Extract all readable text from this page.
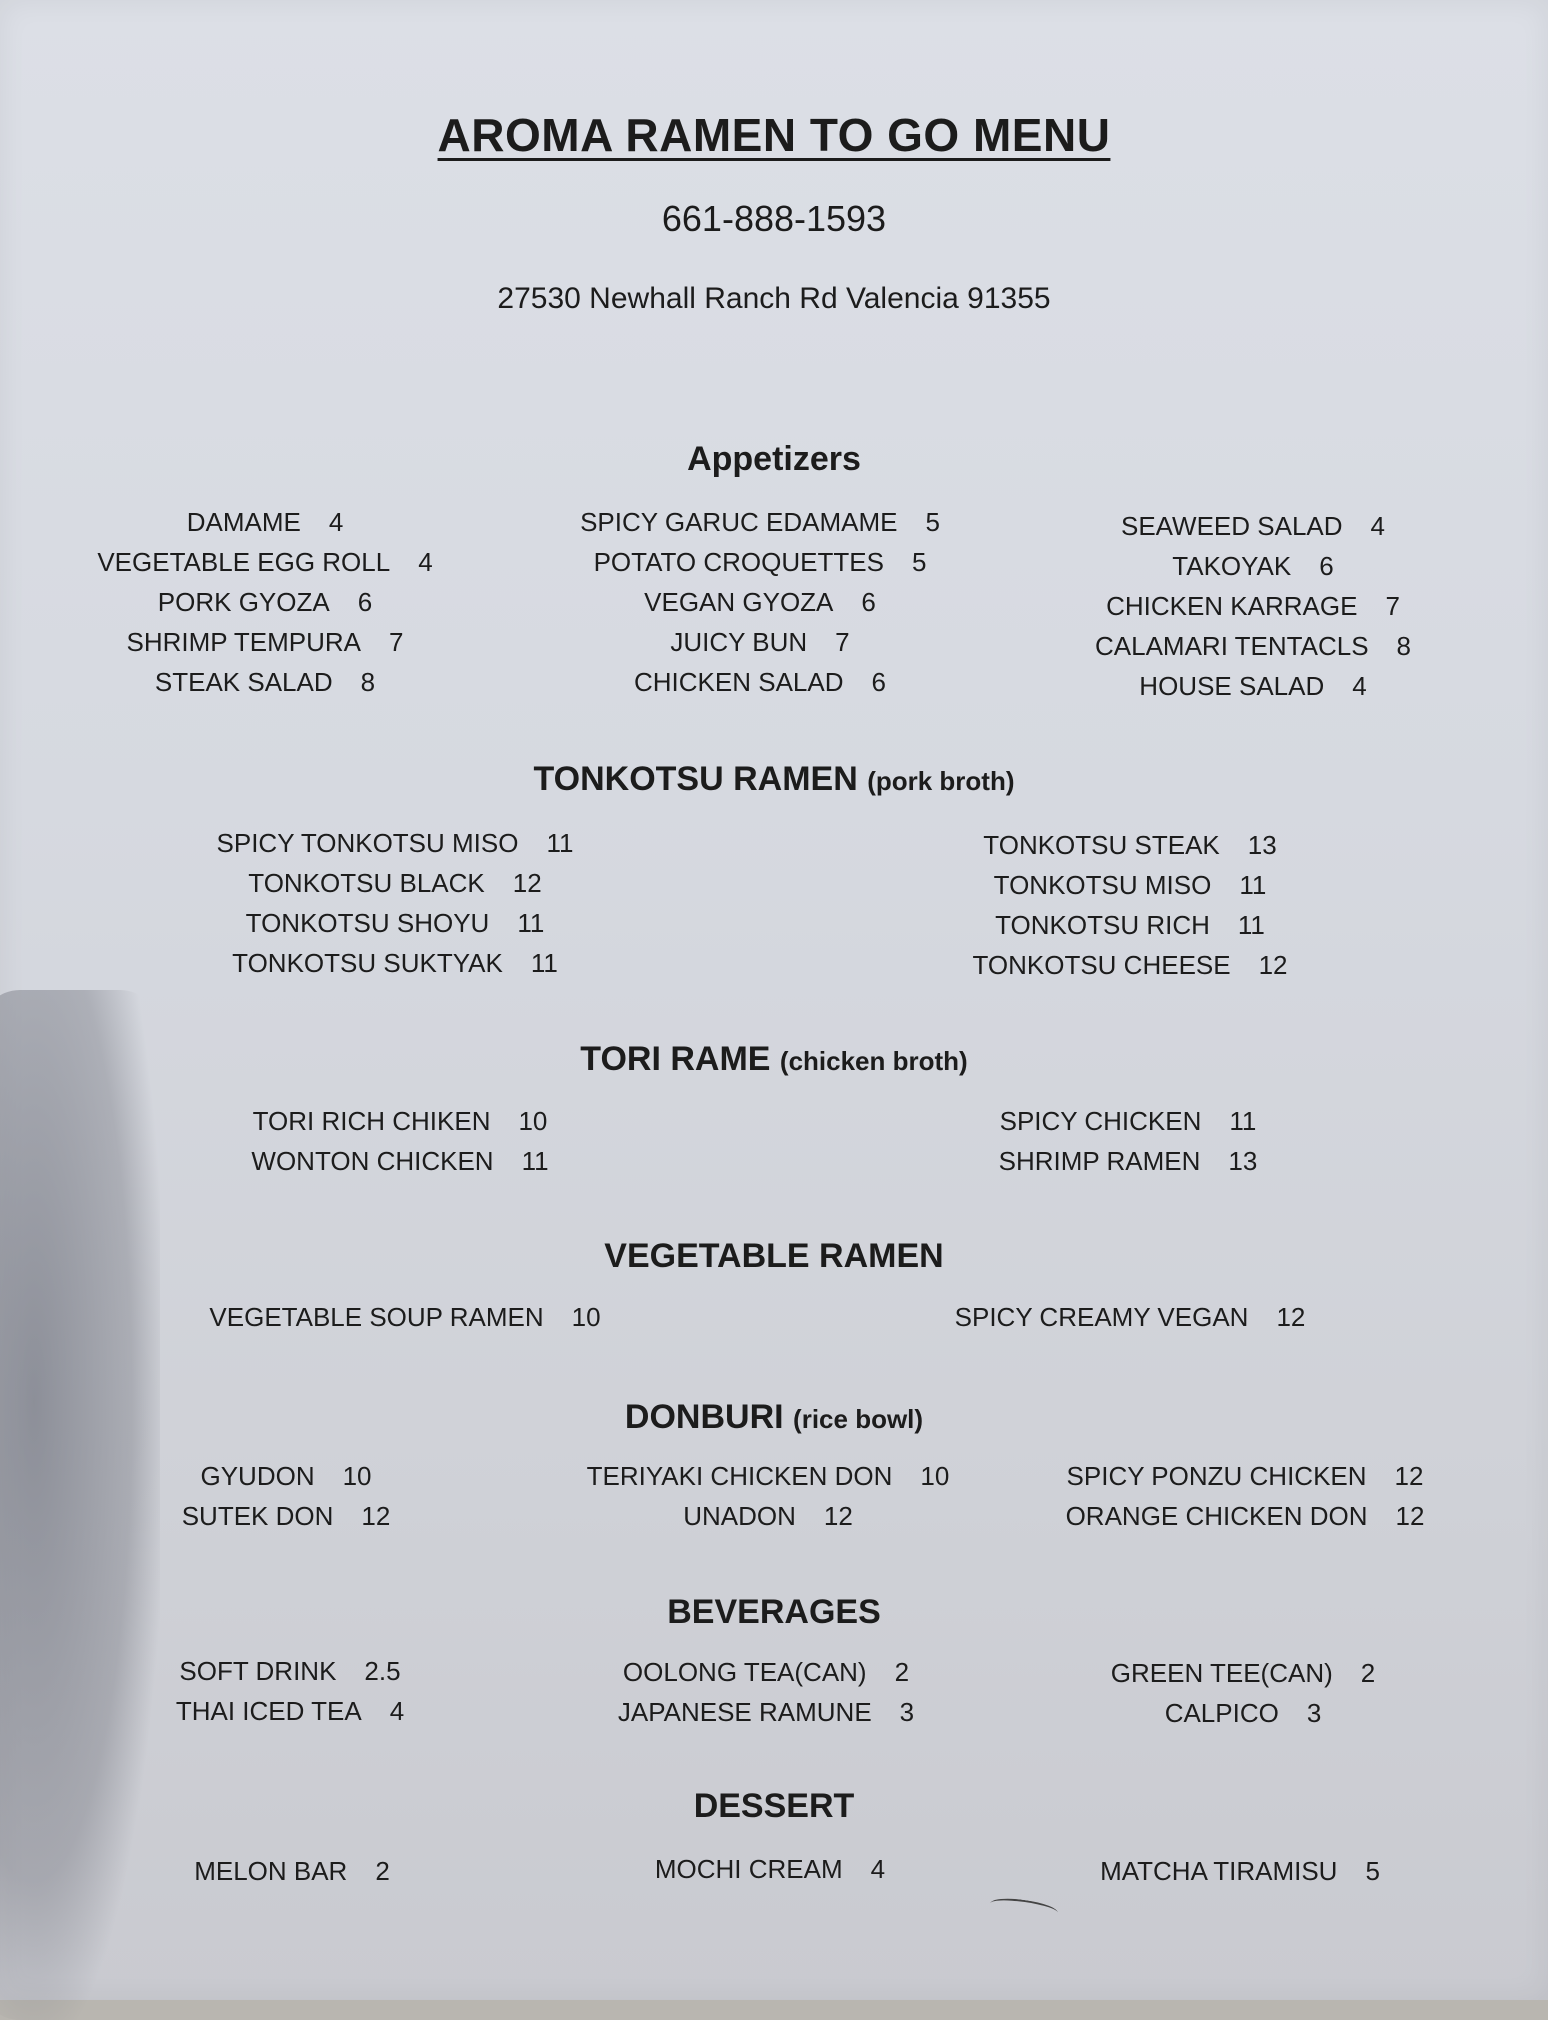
AROMA RAMEN TO GO MENU
661-888-1593
27530 Newhall Ranch Rd Valencia 91355
Appetizers
DAMAME 4
VEGETABLE EGG ROLL 4
PORK GYOZA 6
SHRIMP TEMPURA 7
STEAK SALAD 8
SPICY GARUC EDAMAME 5
POTATO CROQUETTES 5
VEGAN GYOZA 6
JUICY BUN 7
CHICKEN SALAD 6
SEAWEED SALAD 4
TAKOYAK 6
CHICKEN KARRAGE 7
CALAMARI TENTACLS 8
HOUSE SALAD 4
TONKOTSU RAMEN (pork broth)
SPICY TONKOTSU MISO 11
TONKOTSU BLACK 12
TONKOTSU SHOYU 11
TONKOTSU SUKTYAK 11
TONKOTSU STEAK 13
TONKOTSU MISO 11
TONKOTSU RICH 11
TONKOTSU CHEESE 12
TORI RAME (chicken broth)
TORI RICH CHIKEN 10
WONTON CHICKEN 11
SPICY CHICKEN 11
SHRIMP RAMEN 13
VEGETABLE RAMEN
VEGETABLE SOUP RAMEN 10	SPICY CREAMY VEGAN 12
DONBURI (rice bowl)
GYUDON 10
SUTEK DON 12
TERIYAKI CHICKEN DON 10
UNADON 12
SPICY PONZU CHICKEN 12
ORANGE CHICKEN DON 12
BEVERAGES
SOFT DRINK 2.5
THAI ICED TEA 4
OOLONG TEA(CAN) 2
JAPANESE RAMUNE 3
GREEN TEE(CAN) 2
CALPICO 3
DESSERT
MELON BAR 2	MOCHI CREAM 4	MATCHA TIRAMISU 5
